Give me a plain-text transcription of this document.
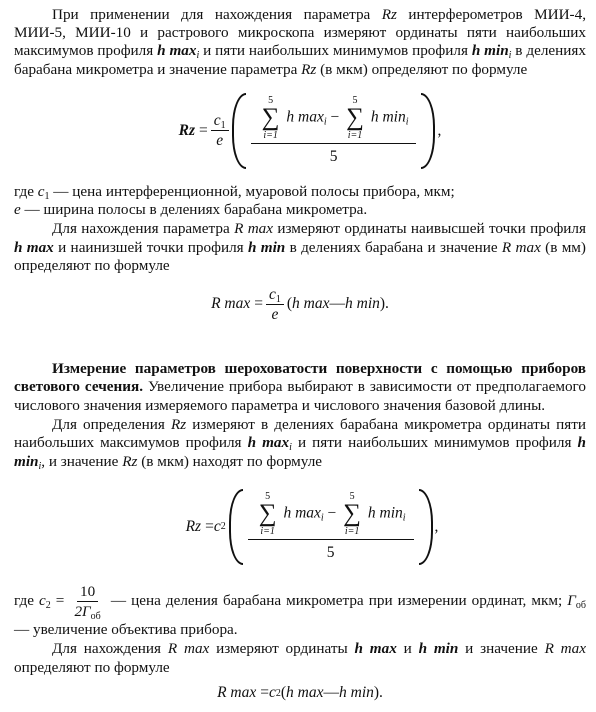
При применении для нахождения параметра Rz интерферометров МИИ-4, МИИ-5, МИИ-10 и растрового микроскопа измеряют ординаты пяти наибольших максимумов профиля h $\max_i и$ пяти наибольших минимумов профиля h $\min_i в$ делениях барабана микрометра и значение параметра Rz (в мкм) определяют по формуле

$Rz = \frac{c_1}{e}$
5
∑
i=1
h $\max_i$ −
5
∑
i=1
h $\min_i$
5
,

где $c_1$ — цена интерференционной, муаровой полосы прибора, мкм;
e — ширина полосы в делениях барабана микрометра.

Для нахождения параметра R max измеряют ординаты наивысшей точки профиля h max и наинизшей точки профиля h min в делениях барабана и значение R max (в мм) определяют по формуле

R $\max = \frac{c_1}{e}$ ( h max — h min ).

Измерение параметров шероховатости поверхности с помощью приборов светового сечения. Увеличение прибора выбирают в зависимости от предполагаемого числового значения измеряемого параметра и числового значения базовой длины.

Для определения Rz измеряют в делениях барабана микрометра ординаты пяти наибольших максимумов профиля h $\max_i и$ пяти наибольших минимумов профиля h $\min_i$, и значение Rz (в мкм) находят по формуле

Rz = c 2
5
∑
i=1
h $\max_i$ −
5
∑
i=1
h $\min_i$
5
,

где $c_2 = \frac{10}{2\Gamma_{об}}$ — цена деления барабана микрометра при измерении ординат, мкм; $\Gamma_{об}$ — увеличение объектива прибора.

Для нахождения R max измеряют ординаты h max и h min и значение R max определяют по формуле

R max = c 2 ( h max — h min ).
